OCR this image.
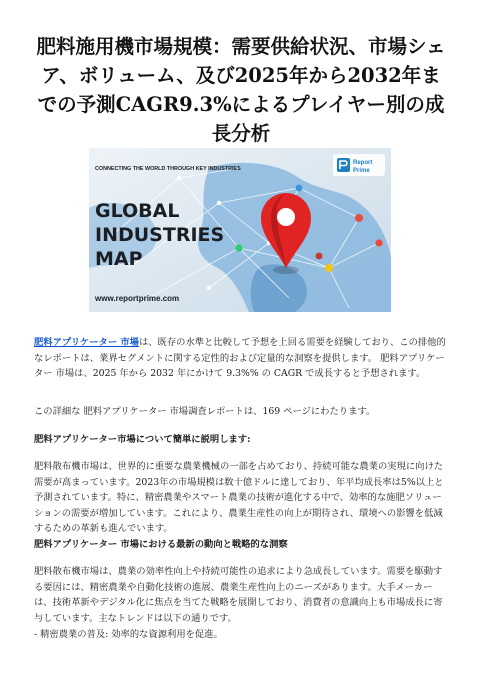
肥料施用機市場規模：需要供給状況、市場シェア、ボリューム、及び2025年から2032年までの予測CAGR9.3%によるプレイヤー別の成長分析
CONNECTING THE WORLD THROUGH KEY INDUSTRIES
GLOBAL
INDUSTRIES
MAP
www.reportprime.com
Report
Prime

肥料アプリケーター 市場は、既存の水準と比較して予想を上回る需要を経験しており、この排他的なレポートは、業界セグメントに関する定性的および定量的な洞察を提供します。 肥料アプリケーター 市場は、2025 年から 2032 年にかけて 9.3%% の CAGR で成長すると予想されます。

この詳細な 肥料アプリケーター 市場調査レポートは、169 ページにわたります。

肥料アプリケーター市場について簡単に説明します:

肥料散布機市場は、世界的に重要な農業機械の一部を占めており、持続可能な農業の実現に向けた需要が高まっています。2023年の市場規模は数十億ドルに達しており、年平均成長率は5%以上と予測されています。特に、精密農業やスマート農業の技術が進化する中で、効率的な施肥ソリューションの需要が増加しています。これにより、農業生産性の向上が期待され、環境への影響を低減するための革新も進んでいます。

肥料アプリケーター 市場における最新の動向と戦略的な洞察

肥料散布機市場は、農業の効率性向上や持続可能性の追求により急成長しています。需要を駆動する要因には、精密農業や自動化技術の進展、農業生産性向上のニーズがあります。大手メーカーは、技術革新やデジタル化に焦点を当てた戦略を展開しており、消費者の意識向上も市場成長に寄与しています。主なトレンドは以下の通りです。

- 精密農業の普及: 効率的な資源利用を促進。
